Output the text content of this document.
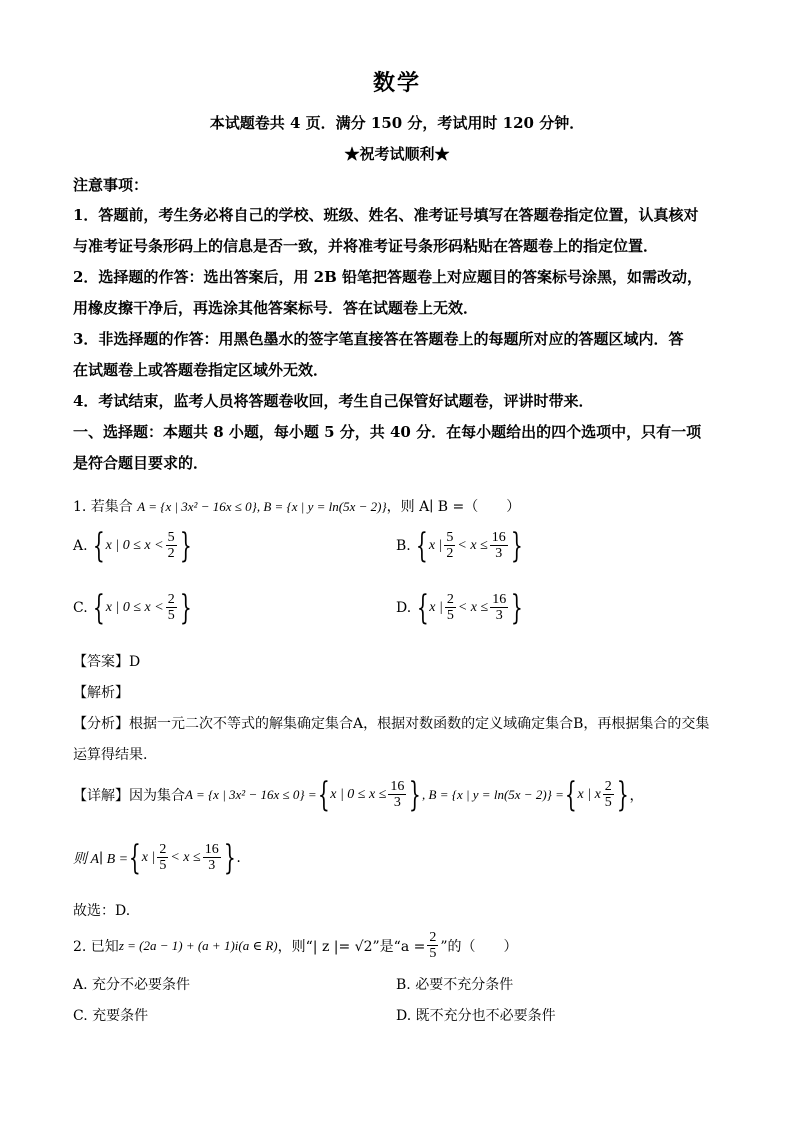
数学
本试题卷共 4 页．满分 150 分，考试用时 120 分钟．
★祝考试顺利★
注意事项：
1．答题前，考生务必将自己的学校、班级、姓名、准考证号填写在答题卷指定位置，认真核对
与准考证号条形码上的信息是否一致，并将准考证号条形码粘贴在答题卷上的指定位置．
2．选择题的作答：选出答案后，用 2B 铅笔把答题卷上对应题目的答案标号涂黑，如需改动，
用橡皮擦干净后，再选涂其他答案标号．答在试题卷上无效．
3．非选择题的作答：用黑色墨水的签字笔直接答在答题卷上的每题所对应的答题区域内．答
在试题卷上或答题卷指定区域外无效．
4．考试结束，监考人员将答题卷收回，考生自己保管好试题卷，评讲时带来．
一、选择题：本题共 8 小题，每小题 5 分，共 40 分．在每小题给出的四个选项中，只有一项
是符合题目要求的．
1. 若集合 A = {x | 3x² − 16x ≤ 0}, B = {x | y = ln(5x − 2)}，则 A∣ B =（　　）
A.
{ x | $0 \le x < \frac{5}{2}$ }	B.
{ x | $\frac{5}{2} < x \le \frac{16}{3}$ }
C.
{ x | $0 \le x < \frac{2}{5}$ }	D.
{ x | $\frac{2}{5} < x \le \frac{16}{3}$ }
【答案】D
【解析】
【分析】根据一元二次不等式的解集确定集合A，根据对数函数的定义域确定集合B，再根据集合的交集
运算得结果.
【详解】因为集合 A = {x | 3x² − 16x ≤ 0} = { x | $0 \le x \le \frac{16}{3}$ } , B = {x | y = ln(5x − 2)} = { x | x $\frac{2}{5}$ } ，
则 A∣ B = { x | $\frac{2}{5} < x \le \frac{16}{3}$ } .
故选：D.
2. 已知 z = (2a − 1) + (a + 1)i(a ∈ R) ，则“| z |= √2”是“$a = \frac{2}{5}$ ”的（　　）
A. 充分不必要条件	B. 必要不充分条件
C. 充要条件	D. 既不充分也不必要条件
